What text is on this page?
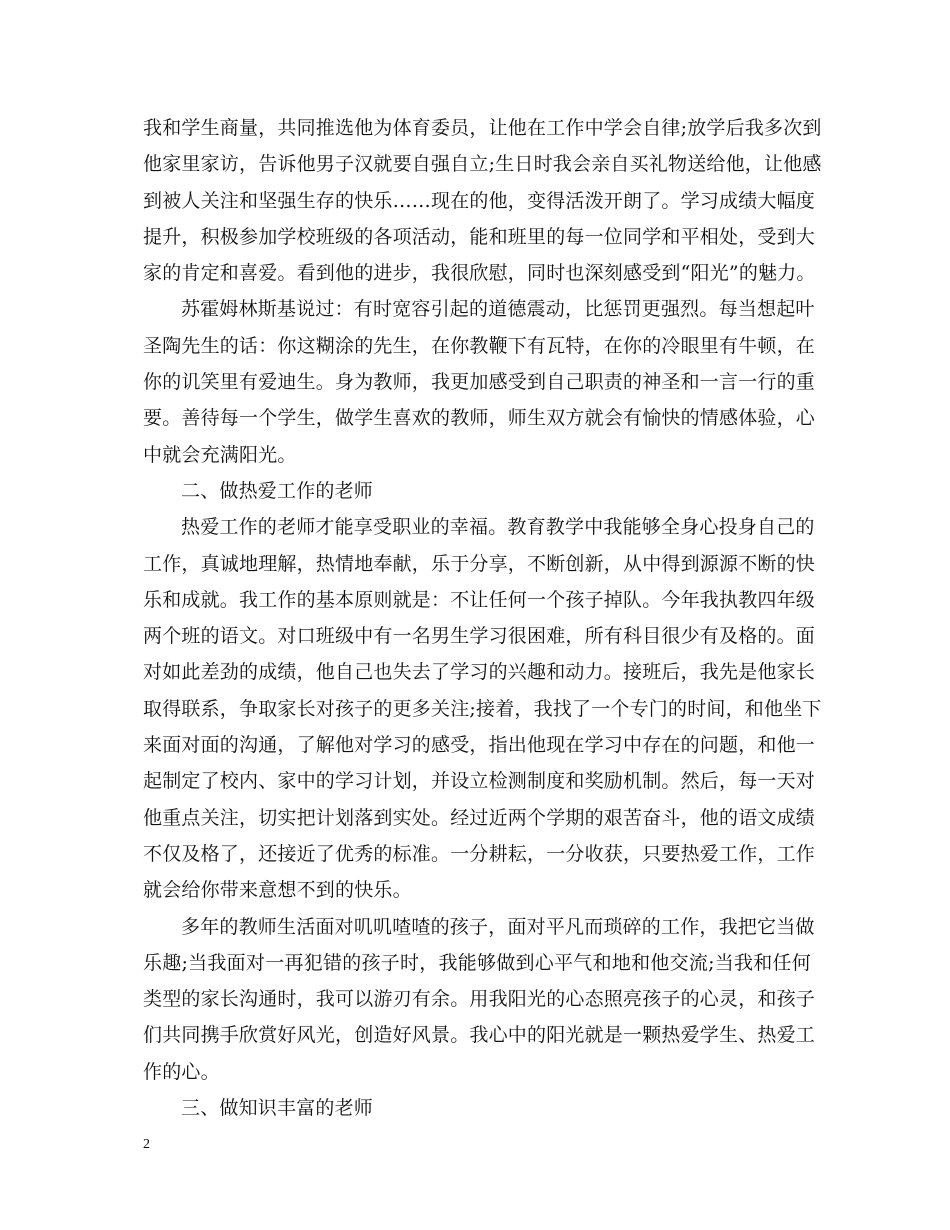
我和学生商量，共同推选他为体育委员，让他在工作中学会自律;放学后我多次到
他家里家访，告诉他男子汉就要自强自立;生日时我会亲自买礼物送给他，让他感
到被人关注和坚强生存的快乐……现在的他，变得活泼开朗了。学习成绩大幅度
提升，积极参加学校班级的各项活动，能和班里的每一位同学和平相处，受到大
家的肯定和喜爱。看到他的进步，我很欣慰，同时也深刻感受到“阳光”的魅力。
苏霍姆林斯基说过：有时宽容引起的道德震动，比惩罚更强烈。每当想起叶
圣陶先生的话：你这糊涂的先生，在你教鞭下有瓦特，在你的冷眼里有牛顿，在
你的讥笑里有爱迪生。身为教师，我更加感受到自己职责的神圣和一言一行的重
要。善待每一个学生，做学生喜欢的教师，师生双方就会有愉快的情感体验，心
中就会充满阳光。
二、做热爱工作的老师
热爱工作的老师才能享受职业的幸福。教育教学中我能够全身心投身自己的
工作，真诚地理解，热情地奉献，乐于分享，不断创新，从中得到源源不断的快
乐和成就。我工作的基本原则就是：不让任何一个孩子掉队。今年我执教四年级
两个班的语文。对口班级中有一名男生学习很困难，所有科目很少有及格的。面
对如此差劲的成绩，他自己也失去了学习的兴趣和动力。接班后，我先是他家长
取得联系，争取家长对孩子的更多关注;接着，我找了一个专门的时间，和他坐下
来面对面的沟通，了解他对学习的感受，指出他现在学习中存在的问题，和他一
起制定了校内、家中的学习计划，并设立检测制度和奖励机制。然后，每一天对
他重点关注，切实把计划落到实处。经过近两个学期的艰苦奋斗，他的语文成绩
不仅及格了，还接近了优秀的标准。一分耕耘，一分收获，只要热爱工作，工作
就会给你带来意想不到的快乐。
多年的教师生活面对叽叽喳喳的孩子，面对平凡而琐碎的工作，我把它当做
乐趣;当我面对一再犯错的孩子时，我能够做到心平气和地和他交流;当我和任何
类型的家长沟通时，我可以游刃有余。用我阳光的心态照亮孩子的心灵，和孩子
们共同携手欣赏好风光，创造好风景。我心中的阳光就是一颗热爱学生、热爱工
作的心。
三、做知识丰富的老师
2
